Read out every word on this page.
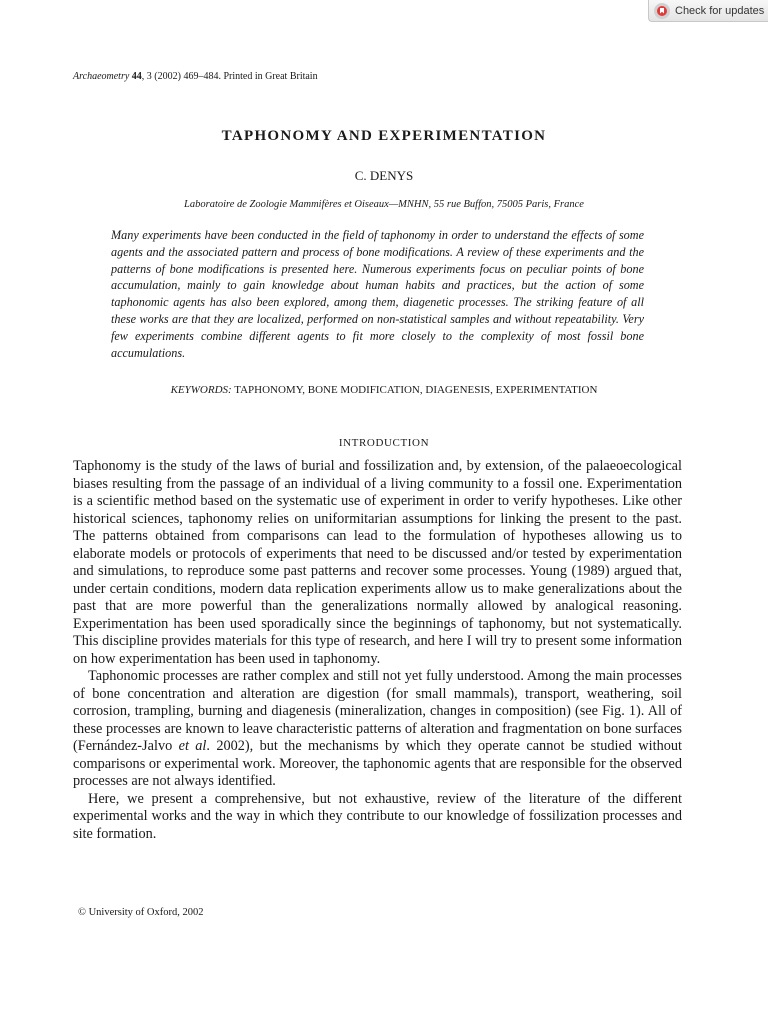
Check for updates
Archaeometry 44, 3 (2002) 469–484. Printed in Great Britain
TAPHONOMY AND EXPERIMENTATION
C. DENYS
Laboratoire de Zoologie Mammifères et Oiseaux—MNHN, 55 rue Buffon, 75005 Paris, France

Many experiments have been conducted in the field of taphonomy in order to understand the effects of some agents and the associated pattern and process of bone modifications. A review of these experiments and the patterns of bone modifications is presented here. Numerous experiments focus on peculiar points of bone accumulation, mainly to gain knowledge about human habits and practices, but the action of some taphonomic agents has also been explored, among them, diagenetic processes. The striking feature of all these works are that they are localized, performed on non-statistical samples and without repeatability. Very few experiments combine different agents to fit more closely to the complexity of most fossil bone accumulations.

KEYWORDS: TAPHONOMY, BONE MODIFICATION, DIAGENESIS, EXPERIMENTATION
INTRODUCTION

Taphonomy is the study of the laws of burial and fossilization and, by extension, of the palaeoecological biases resulting from the passage of an individual of a living community to a fossil one. Experimentation is a scientific method based on the systematic use of experiment in order to verify hypotheses. Like other historical sciences, taphonomy relies on uniformitarian assumptions for linking the present to the past. The patterns obtained from comparisons can lead to the formulation of hypotheses allowing us to elaborate models or protocols of experiments that need to be discussed and/or tested by experimentation and simulations, to reproduce some past patterns and recover some processes. Young (1989) argued that, under certain conditions, modern data replication experiments allow us to make generalizations about the past that are more powerful than the generalizations normally allowed by analogical reasoning. Experimentation has been used sporadically since the beginnings of taphonomy, but not systematically. This discipline provides materials for this type of research, and here I will try to present some information on how experimentation has been used in taphonomy.

Taphonomic processes are rather complex and still not yet fully understood. Among the main processes of bone concentration and alteration are digestion (for small mammals), transport, weathering, soil corrosion, trampling, burning and diagenesis (mineralization, changes in composition) (see Fig. 1). All of these processes are known to leave characteristic patterns of alteration and fragmentation on bone surfaces (Fernández-Jalvo et al. 2002), but the mechanisms by which they operate cannot be studied without comparisons or experimental work. Moreover, the taphonomic agents that are responsible for the observed processes are not always identified.

Here, we present a comprehensive, but not exhaustive, review of the literature of the different experimental works and the way in which they contribute to our knowledge of fossilization processes and site formation.

© University of Oxford, 2002
